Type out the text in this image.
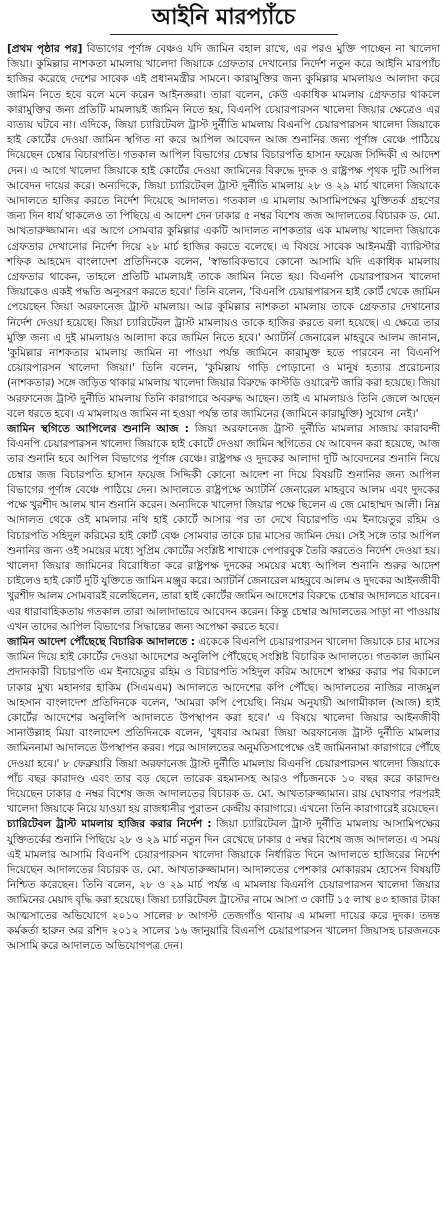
আইনি মারপ্যাঁচে

[প্রথম পৃষ্ঠার পর] বিভাগের পূর্ণাঙ্গ বেঞ্চও যদি জামিন বহাল রাখে, এর পরও মুক্তি পাচ্ছেন না খালেদা জিয়া। কুমিল্লার নাশকতা মামলায় খালেদা জিয়াকে গ্রেফতার দেখানোর নির্দেশ নতুন করে আইনি মারপ্যাঁচ হাজির করেছে দেশের সাবেক এই প্রধানমন্ত্রীর সামনে। কারামুক্তির জন্য কুমিল্লার মামলায়ও আলাদা করে জামিন নিতে হবে বলে মনে করেন আইনজ্ঞরা। তারা বলেন, কেউ একাধিক মামলায় গ্রেফতার থাকলে কারামুক্তির জন্য প্রতিটি মামলায়ই জামিন নিতে হয়, বিএনপি চেয়ারপারসন খালেদা জিয়ার ক্ষেত্রেও এর ব্যত্যয় ঘটবে না। এদিকে, জিয়া চ্যারিটেবল ট্রাস্ট দুর্নীতি মামলায় বিএনপি চেয়ারপারসন খালেদা জিয়াকে হাই কোর্টের দেওয়া জামিন স্থগিত না করে আপিল আবেদন আজ শুনানির জন্য পূর্ণাঙ্গ বেঞ্চে পাঠিয়ে দিয়েছেন চেম্বার বিচারপতি। গতকাল আপিল বিভাগের চেম্বার বিচারপতি হাসান ফয়েজ সিদ্দিকী এ আদেশ দেন। এ আগে খালেদা জিয়াকে হাই কোর্টের দেওয়া জামিনের বিরুদ্ধে দুদক ও রাষ্ট্রপক্ষ পৃথক দুটি আপিল আবেদন দায়ের করে। অন্যদিকে, জিয়া চ্যারিটেবল ট্রাস্ট দুর্নীতি মামলায় ২৮ ও ২৯ মার্চ খালেদা জিয়াকে আদালতে হাজির করতে নির্দেশ দিয়েছে আদালত। গতকাল এ মামলায় আসামিপক্ষের যুক্তিতর্ক গ্রহণের জন্য দিন ধার্য থাকলেও তা পিছিয়ে এ আদেশ দেন ঢাকার ৫ নম্বর বিশেষ জজ আদালতের বিচারক ড. মো. আখতারুজ্জামান। এর আগে সোমবার কুমিল্লার একটি আদালত নাশকতার এক মামলায় খালেদা জিয়াকে গ্রেফতার দেখানোর নির্দেশ দিয়ে ২৮ মার্চ হাজির করতে বলেছে। এ বিষয়ে সাবেক আইনমন্ত্রী ব্যারিস্টার শফিক আহমেদ বাংলাদেশ প্রতিদিনকে বলেন, 'স্বাভাবিকভাবে কোনো আসামি যদি একাধিক মামলায় গ্রেফতার থাকেন, তাহলে প্রতিটি মামলায়ই তাকে জামিন নিতে হয়। বিএনপি চেয়ারপারসন খালেদা জিয়াকেও একই পদ্ধতি অনুসরণ করতে হবে।' তিনি বলেন, 'বিএনপি চেয়ারপারসন হাই কোর্ট থেকে জামিন পেয়েছেন জিয়া অরফানেজ ট্রাস্ট মামলায়। আর কুমিল্লার নাশকতা মামলায় তাকে গ্রেফতার দেখানোর নির্দেশ দেওয়া হয়েছে। জিয়া চ্যারিটেবল ট্রাস্ট মামলায়ও তাকে হাজির করতে বলা হয়েছে। এ ক্ষেত্রে তার মুক্তি জন্য এ দুই মামলায়ও আলাদা করে জামিন নিতে হবে।' অ্যাটর্নি জেনারেল মাহবুবে আলম জানান, 'কুমিল্লার নাশকতার মামলায় জামিন না পাওয়া পর্যন্ত জামিনে কারামুক্ত হতে পারবেন না বিএনপি চেয়ারপারসন খালেদা জিয়া।' তিনি বলেন, 'কুমিল্লায় গাড়ি পোড়ানো ও মানুষ হত্যার প্ররোচনার (নাশকতার) সঙ্গে জড়িত থাকার মামলায় খালেদা জিয়ার বিরুদ্ধে কাস্টডি ওয়ারেন্ট জারি করা হয়েছে। জিয়া অরফানেজ ট্রাস্ট দুর্নীতি মামলায় তিনি কারাগারে অবরুদ্ধ আছেন। তাই এ মামলায়ও তিনি জেলে আছেন বলে ধরতে হবে। এ মামলায়ও জামিন না হওয়া পর্যন্ত তার জামিনের (জামিনে কারামুক্তি) সুযোগ নেই।'

জামিন স্থগিতে আপিলের শুনানি আজ : জিয়া অরফানেজ ট্রাস্ট দুর্নীতি মামলার সাজায় কারাবন্দী বিএনপি চেয়ারপারসন খালেদা জিয়াকে হাই কোর্টে দেওয়া জামিন স্থগিতের যে আবেদন করা হয়েছে, আজ তার শুনানি হবে আপিল বিভাগের পূর্ণাঙ্গ বেঞ্চে। রাষ্ট্রপক্ষ ও দুদকের আলাদা দুটি আবেদনের শুনানি নিয়ে চেম্বার জজ বিচারপতি হাসান ফয়েজ সিদ্দিকী কোনো আদেশ না দিয়ে বিষয়টি শুনানির জন্য আপিল বিভাগের পূর্ণাঙ্গ বেঞ্চে পাঠিয়ে দেন। আদালতে রাষ্ট্রপক্ষে অ্যাটর্নি জেনারেল মাহবুবে আলম এবং দুদকের পক্ষে খুরশীদ আলম খান শুনানি করেন। অন্যদিকে খালেদা জিয়ার পক্ষে ছিলেন এ জে মোহাম্মদ আলী। নিম্ন আদালত থেকে ওই মামলার নথি হাই কোর্টে আসার পর তা দেখে বিচারপতি এম ইনায়েতুর রহিম ও বিচারপতি সহিদুল করিমের হাই কোর্ট বেঞ্চ সোমবার তাকে চার মাসের জামিন দেয়। সেই সঙ্গে তার আপিল শুনানির জন্য ওই সময়ের মধ্যে সুপ্রিম কোর্টের সংশ্লিষ্ট শাখাকে পেপারবুক তৈরি করতেও নির্দেশ দেওয়া হয়। খালেদা জিয়ার জামিনের বিরোধিতা করে রাষ্ট্রপক্ষ দুদকের সময়ের মধ্যে আপিল শুনানি শুরুর আদেশ চাইলেও হাই কোর্ট দুটি যুক্তিতে জামিন মঞ্জুর করে। অ্যাটর্নি জেনারেল মাহবুবে আলম ও দুদকের আইনজীবী খুরশীদ আলম সোমবারই বলেছিলেন, তারা হাই কোর্টের জামিন আদেশের বিরুদ্ধে চেম্বার আদালতে যাবেন। এর ধারাবাহিকতায় গতকাল তারা আলাদাভাবে আবেদন করেন। কিন্তু চেম্বার আদালতের সাড়া না পাওয়ায় এখন তাদের আপিল বিভাগের সিদ্ধান্তের জন্য অপেক্ষা করতে হবে।

জামিন আদেশ পৌঁছেছে বিচারিক আদালতে : একেকে বিএনপি চেয়ারপারসন খালেদা জিয়াকে চার মাসের জামিন দিয়ে হাই কোর্টের দেওয়া আদেশের অনুলিপি পৌঁছেছে সংশ্লিষ্ট বিচারিক আদালতে। গতকাল জামিন প্রদানকারী বিচারপতি এম ইনায়েতুর রহিম ও বিচারপতি সহিদুল করিম আদেশে স্বাক্ষর করার পর বিকালে ঢাকার মুখ্য মহানগর হাকিম (সিএমএম) আদালতে আদেশের কপি পৌঁছে। আদালতের নাজির নাজমুল আহসান বাংলাদেশ প্রতিদিনকে বলেন, 'আমরা কপি পেয়েছি। নিয়ম অনুযায়ী আগামীকাল (আজ) হাই কোর্টের আদেশের অনুলিপি আদালতে উপস্থাপন করা হবে।' এ বিষয়ে খালেদা জিয়ার আইনজীবী সানাউল্লাহ মিয়া বাংলাদেশ প্রতিদিনকে বলেন, 'বুধবার আমরা জিয়া অরফানেজ ট্রাস্ট দুর্নীতি মামলার জামিননামা আদালতে উপস্থাপন করব। পরে আদালতের অনুমতিসাপেক্ষে ওই জামিননামা কারাগারে পৌঁছে দেওয়া হবে।' ৮ ফেব্রুয়ারি জিয়া অরফানেজ ট্রাস্ট দুর্নীতি মামলায় বিএনপি চেয়ারপারসন খালেদা জিয়াকে পাঁচ বছর কারাদণ্ড এবং তার বড় ছেলে তারেক রহমানসহ আরও পাঁচজনকে ১০ বছর করে কারাদণ্ড দিয়েছেন ঢাকার ৫ নম্বর বিশেষ জজ আদালতের বিচারক ড. মো. আখতারুজ্জামান। রায় ঘোষণার পরপরই খালেদা জিয়াকে নিয়ে যাওয়া হয় রাজধানীর পুরাতন কেন্দ্রীয় কারাগারে। এখনো তিনি কারাগারেই রয়েছেন।

চ্যারিটেবল ট্রাস্ট মামলায় হাজির করার নির্দেশ : জিয়া চ্যারিটেবল ট্রাস্ট দুর্নীতি মামলায় আসামিপক্ষের যুক্তিতর্কের শুনানি পিছিয়ে ২৮ ও ২৯ মার্চ নতুন দিন রেখেছে ঢাকার ৫ নম্বর বিশেষ জজ আদালত। এ সময় এই মামলার আসামি বিএনপি চেয়ারপারসন খালেদা জিয়াকে নির্ধারিত দিনে আদালতে হাজিরের নির্দেশ দিয়েছেন আদালতের বিচারক ড. মো. আখতারুজ্জামান। আদালতের পেশকার মোকাররম হোসেন বিষয়টি নিশ্চিত করেছেন। তিনি বলেন, ২৮ ও ২৯ মার্চ পর্যন্ত এ মামলায় বিএনপি চেয়ারপারসন খালেদা জিয়ার জামিনের মেয়াদ বৃদ্ধি করা হয়েছে। জিয়া চ্যারিটেবল ট্রাস্টের নামে আসা ৩ কোটি ১৫ লাখ ৪৩ হাজার টাকা আত্মসাতের অভিযোগে ২০১০ সালের ৮ আগস্ট তেজগাঁও থানায় এ মামলা দায়ের করে দুদক। তদন্ত কর্মকর্তা হারুন অর রশিদ ২০১২ সালের ১৬ জানুয়ারি বিএনপি চেয়ারপারসন খালেদা জিয়াসহ চারজনকে আসামি করে আদালতে অভিযোগপত্র দেন।
